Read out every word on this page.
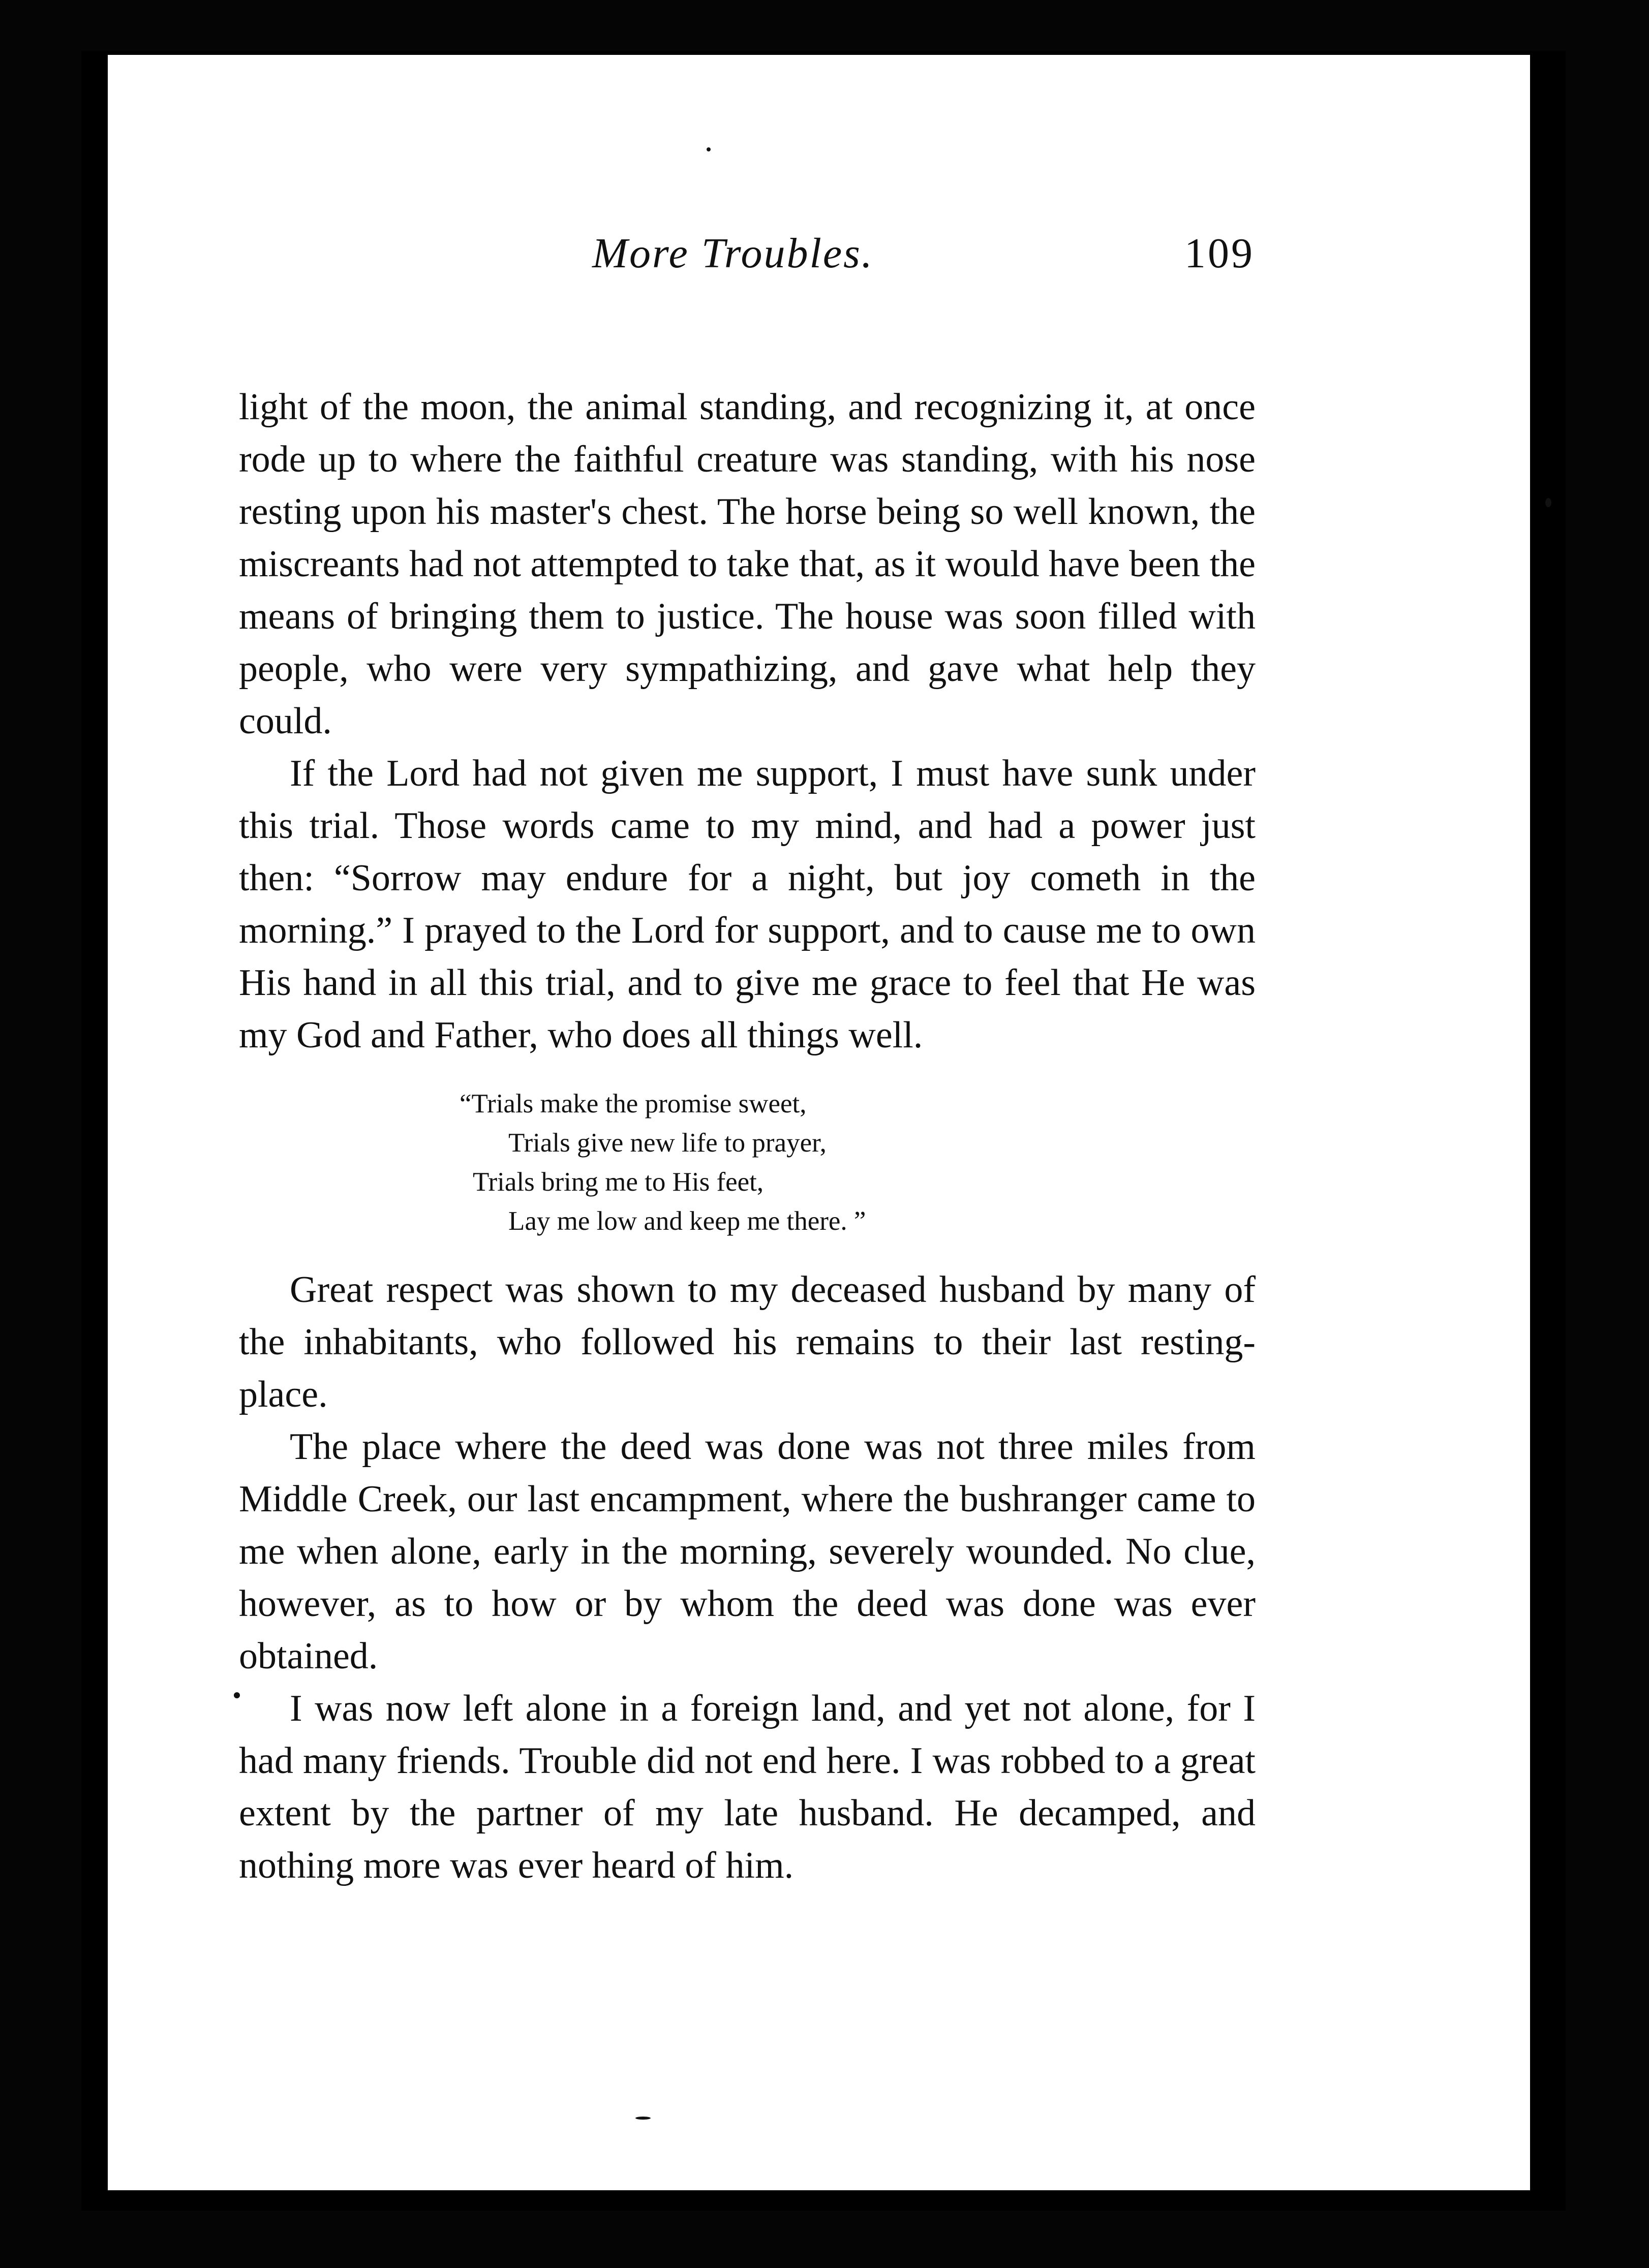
More Troubles.	109

light of the moon, the animal standing, and recognizing it, at once rode up to where the faithful creature was standing, with his nose resting upon his master's chest. The horse being so well known, the miscreants had not attempted to take that, as it would have been the means of bringing them to justice. The house was soon filled with people, who were very sympathizing, and gave what help they could.

If the Lord had not given me support, I must have sunk under this trial. Those words came to my mind, and had a power just then: “Sorrow may endure for a night, but joy cometh in the morning.” I prayed to the Lord for support, and to cause me to own His hand in all this trial, and to give me grace to feel that He was my God and Father, who does all things well.

“Trials make the promise sweet,
Trials give new life to prayer,
Trials bring me to His feet,
Lay me low and keep me there. ”

Great respect was shown to my deceased husband by many of the inhabitants, who followed his remains to their last resting-place.

The place where the deed was done was not three miles from Middle Creek, our last encampment, where the bushranger came to me when alone, early in the morning, severely wounded. No clue, however, as to how or by whom the deed was done was ever obtained.

I was now left alone in a foreign land, and yet not alone, for I had many friends. Trouble did not end here. I was robbed to a great extent by the partner of my late husband. He decamped, and nothing more was ever heard of him.
